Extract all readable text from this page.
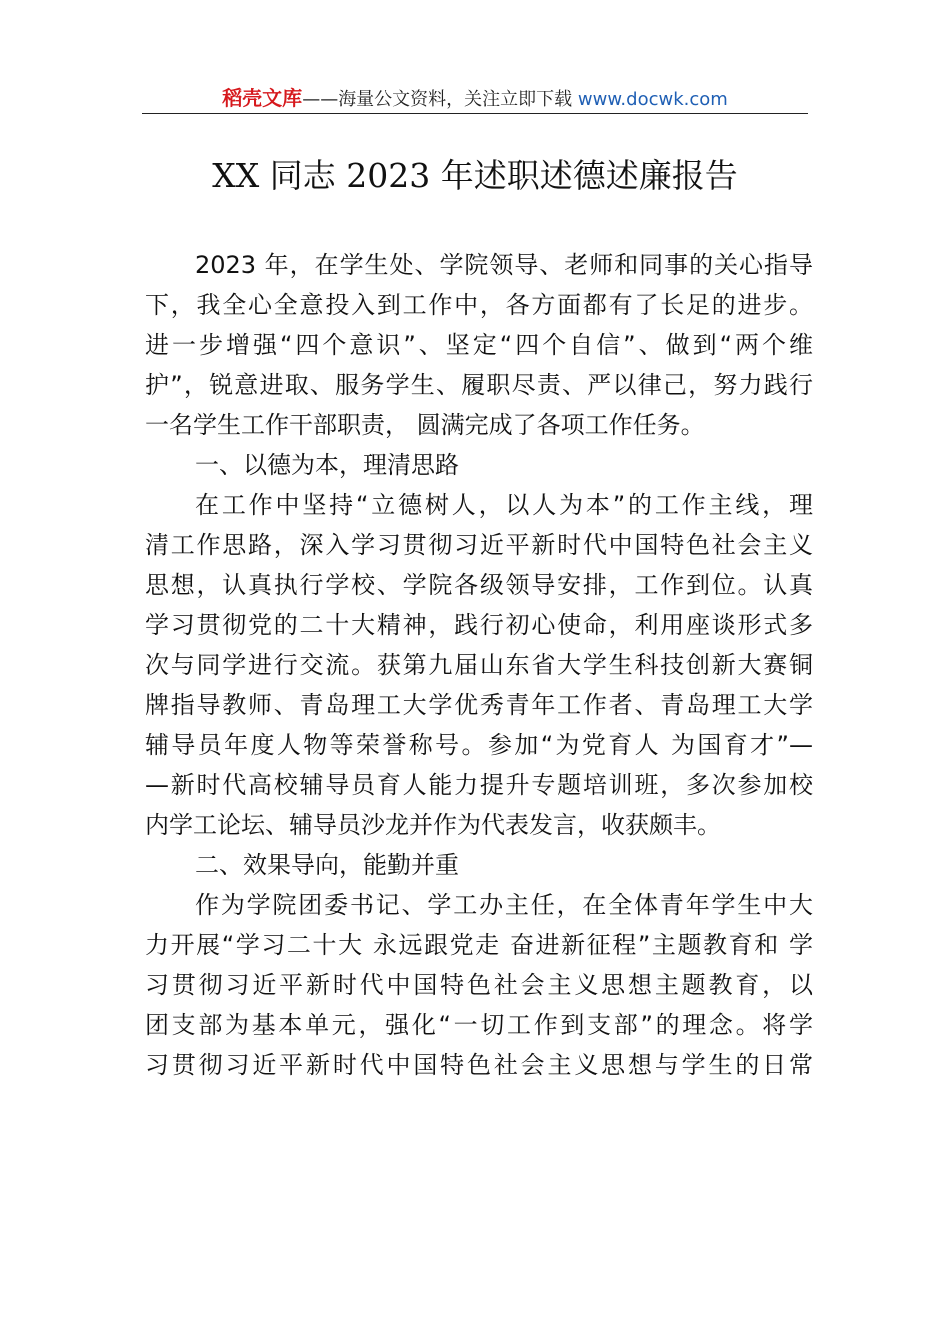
稻壳文库——海量公文资料，关注立即下载 www.docwk.com
XX 同志 2023 年述职述德述廉报告
2023 年，在学生处、学院领导、老师和同事的关心指导
下，我全心全意投入到工作中，各方面都有了长足的进步。
进一步增强“四个意识”、坚定“四个自信”、做到“两个维
护”，锐意进取、服务学生、履职尽责、严以律己，努力践行
一名学生工作干部职责， 圆满完成了各项工作任务。
一、以德为本，理清思路
在工作中坚持“立德树人，以人为本”的工作主线，理
清工作思路，深入学习贯彻习近平新时代中国特色社会主义
思想，认真执行学校、学院各级领导安排，工作到位。认真
学习贯彻党的二十大精神，践行初心使命，利用座谈形式多
次与同学进行交流。获第九届山东省大学生科技创新大赛铜
牌指导教师、青岛理工大学优秀青年工作者、青岛理工大学
辅导员年度人物等荣誉称号。参加“为党育人 为国育才”—
—新时代高校辅导员育人能力提升专题培训班，多次参加校
内学工论坛、辅导员沙龙并作为代表发言，收获颇丰。
二、效果导向，能勤并重
作为学院团委书记、学工办主任，在全体青年学生中大
力开展“学习二十大 永远跟党走 奋进新征程”主题教育和 学
习贯彻习近平新时代中国特色社会主义思想主题教育，以
团支部为基本单元，强化“一切工作到支部”的理念。将学
习贯彻习近平新时代中国特色社会主义思想与学生的日常
